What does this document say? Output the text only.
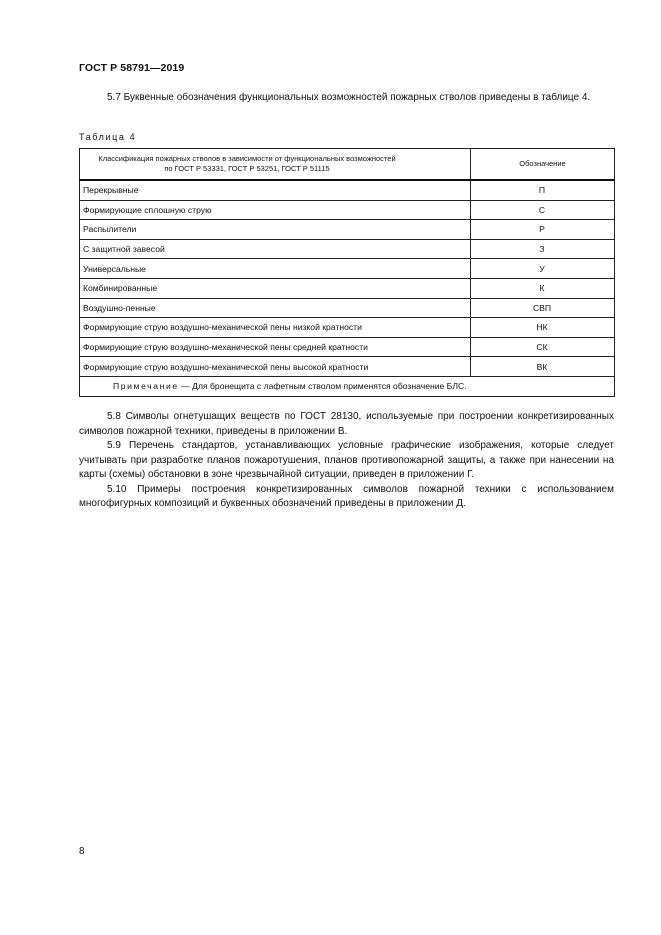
ГОСТ Р 58791—2019
5.7 Буквенные обозначения функциональных возможностей пожарных стволов приведены в таблице 4.
Таблица 4
Классификация пожарных стволов в зависимости от функциональных возможностей по ГОСТ Р 53331, ГОСТ Р 53251, ГОСТ Р 51115	Обозначение
Перекрывные	П
Формирующие сплошную струю	С
Распылители	Р
С защитной завесой	З
Универсальные	У
Комбинированные	К
Воздушно-пенные	СВП
Формирующие струю воздушно-механической пены низкой кратности	НК
Формирующие струю воздушно-механической пены средней кратности	СК
Формирующие струю воздушно-механической пены высокой кратности	ВК
Примечание — Для бронещита с лафетным стволом применятся обозначение БЛС.	
5.8 Символы огнетушащих веществ по ГОСТ 28130, используемые при построении конкретизированных символов пожарной техники, приведены в приложении В.
5.9 Перечень стандартов, устанавливающих условные графические изображения, которые следует учитывать при разработке планов пожаротушения, планов противопожарной защиты, а также при нанесении на карты (схемы) обстановки в зоне чрезвычайной ситуации, приведен в приложении Г.
5.10 Примеры построения конкретизированных символов пожарной техники с использованием многофигурных композиций и буквенных обозначений приведены в приложении Д.
8
